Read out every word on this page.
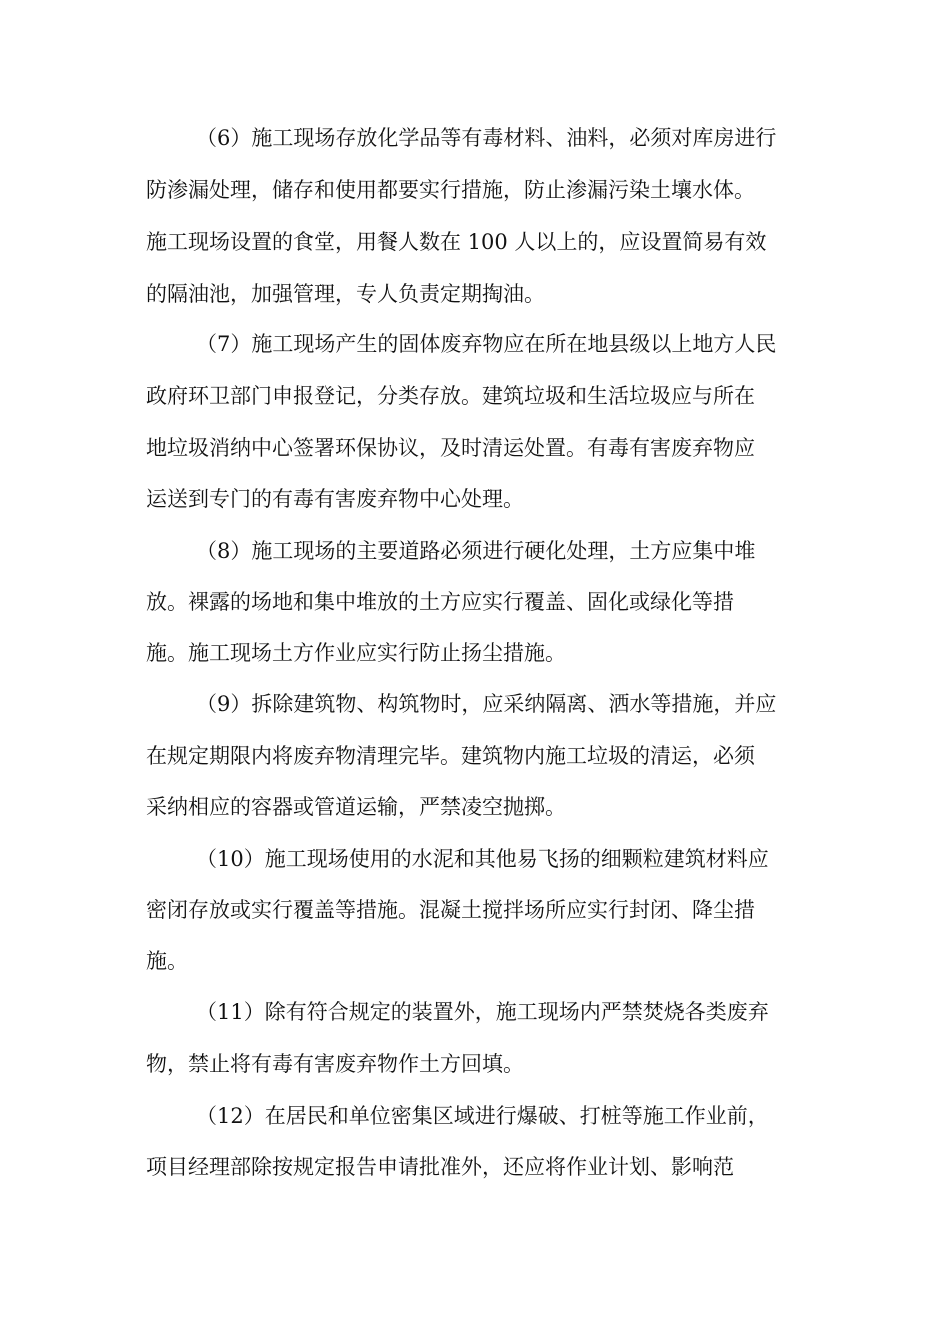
（6）施工现场存放化学品等有毒材料、油料，必须对库房进行

防渗漏处理，储存和使用都要实行措施，防止渗漏污染土壤水体。

施工现场设置的食堂，用餐人数在 100 人以上的，应设置简易有效

的隔油池，加强管理，专人负责定期掏油。

（7）施工现场产生的固体废弃物应在所在地县级以上地方人民

政府环卫部门申报登记，分类存放。建筑垃圾和生活垃圾应与所在

地垃圾消纳中心签署环保协议，及时清运处置。有毒有害废弃物应

运送到专门的有毒有害废弃物中心处理。

（8）施工现场的主要道路必须进行硬化处理，土方应集中堆

放。裸露的场地和集中堆放的土方应实行覆盖、固化或绿化等措

施。施工现场土方作业应实行防止扬尘措施。

（9）拆除建筑物、构筑物时，应采纳隔离、洒水等措施，并应

在规定期限内将废弃物清理完毕。建筑物内施工垃圾的清运，必须

采纳相应的容器或管道运输，严禁凌空抛掷。

（10）施工现场使用的水泥和其他易飞扬的细颗粒建筑材料应

密闭存放或实行覆盖等措施。混凝土搅拌场所应实行封闭、降尘措

施。

（11）除有符合规定的装置外，施工现场内严禁焚烧各类废弃

物，禁止将有毒有害废弃物作土方回填。

（12）在居民和单位密集区域进行爆破、打桩等施工作业前，

项目经理部除按规定报告申请批准外，还应将作业计划、影响范
